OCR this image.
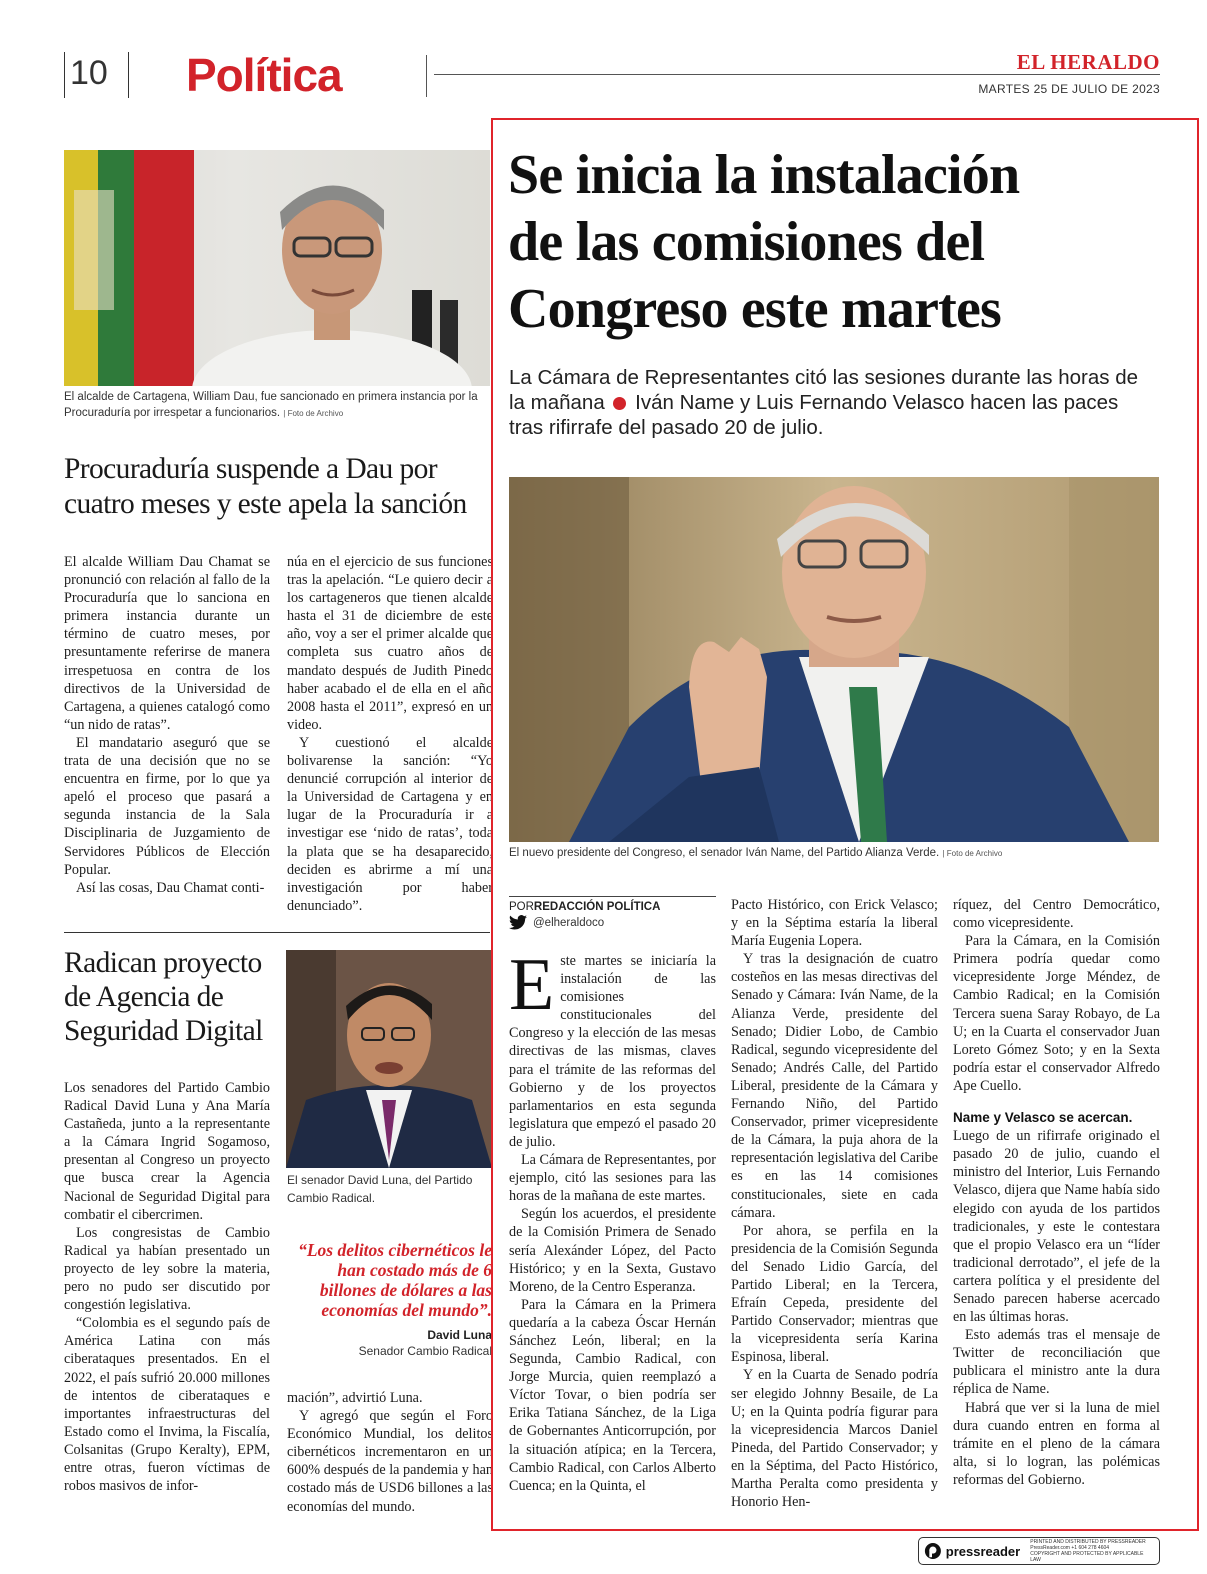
10 Política	EL HERALDO
MARTES 25 DE JULIO DE 2023
El alcalde de Cartagena, William Dau, fue sancionado en primera instancia por la Procuraduría por irrespetar a funcionarios. | Foto de Archivo
Procuraduría suspende a Dau por
cuatro meses y este apela la sanción

El alcalde William Dau Chamat se pronunció con relación al fallo de la Procuraduría que lo sanciona en primera instancia durante un término de cuatro meses, por presuntamente referirse de manera irrespetuosa en contra de los directivos de la Universidad de Cartagena, a quienes catalogó como “un nido de ratas”.

El mandatario aseguró que se trata de una decisión que no se encuentra en firme, por lo que ya apeló el proceso que pasará a segunda instancia de la Sala Disciplinaria de Juzgamiento de Servidores Públicos de Elección Popular.

Así las cosas, Dau Chamat conti-

núa en el ejercicio de sus funciones tras la apelación. “Le quiero decir a los cartageneros que tienen alcalde hasta el 31 de diciembre de este año, voy a ser el primer alcalde que completa sus cuatro años de mandato después de Judith Pinedo haber acabado el de ella en el año 2008 hasta el 2011”, expresó en un video.

Y cuestionó el alcalde bolivarense la sanción: “Yo denuncié corrupción al interior de la Universidad de Cartagena y en lugar de la Procuraduría ir a investigar ese ‘nido de ratas’, toda la plata que se ha desaparecido, deciden es abrirme a mí una investigación por haber denunciado”.

Radican proyecto
de Agencia de
Seguridad Digital
El senador David Luna, del Partido Cambio Radical.

Los senadores del Partido Cambio Radical David Luna y Ana María Castañeda, junto a la representante a la Cámara Ingrid Sogamoso, presentan al Congreso un proyecto que busca crear la Agencia Nacional de Seguridad Digital para combatir el cibercrimen.

Los congresistas de Cambio Radical ya habían presentado un proyecto de ley sobre la materia, pero no pudo ser discutido por congestión legislativa.

“Colombia es el segundo país de América Latina con más ciberataques presentados. En el 2022, el país sufrió 20.000 millones de intentos de ciberataques e importantes infraestructuras del Estado como el Invima, la Fiscalía, Colsanitas (Grupo Keralty), EPM, entre otras, fueron víctimas de robos masivos de infor-

“Los delitos cibernéticos le han costado más de 6 billones de dólares a las economías del mundo”.
David Luna
Senador Cambio Radical

mación”, advirtió Luna.

Y agregó que según el Foro Económico Mundial, los delitos cibernéticos incrementaron en un 600% después de la pandemia y han costado más de USD6 billones a las economías del mundo.

Se inicia la instalación
de las comisiones del
Congreso este martes
La Cámara de Representantes citó las sesiones durante las horas de la mañana Iván Name y Luis Fernando Velasco hacen las paces tras rifirrafe del pasado 20 de julio.
El nuevo presidente del Congreso, el senador Iván Name, del Partido Alianza Verde. | Foto de Archivo
PORREDACCIÓN POLÍTICA
@elheraldoco
E ste martes se iniciaría la instalación de las comisiones constitucionales del Congreso y la elección de las mesas directivas de las mismas, claves para el trámite de las reformas del Gobierno y de los proyectos parlamentarios en esta segunda legislatura que empezó el pasado 20 de julio.

La Cámara de Representantes, por ejemplo, citó las sesiones para las horas de la mañana de este martes.

Según los acuerdos, el presidente de la Comisión Primera de Senado sería Alexánder López, del Pacto Histórico; y en la Sexta, Gustavo Moreno, de la Centro Esperanza.

Para la Cámara en la Primera quedaría a la cabeza Óscar Hernán Sánchez León, liberal; en la Segunda, Cambio Radical, con Jorge Murcia, quien reemplazó a Víctor Tovar, o bien podría ser Erika Tatiana Sánchez, de la Liga de Gobernantes Anticorrupción, por la situación atípica; en la Tercera, Cambio Radical, con Carlos Alberto Cuenca; en la Quinta, el

Pacto Histórico, con Erick Velasco; y en la Séptima estaría la liberal María Eugenia Lopera.

Y tras la designación de cuatro costeños en las mesas directivas del Senado y Cámara: Iván Name, de la Alianza Verde, presidente del Senado; Didier Lobo, de Cambio Radical, segundo vicepresidente del Senado; Andrés Calle, del Partido Liberal, presidente de la Cámara y Fernando Niño, del Partido Conservador, primer vicepresidente de la Cámara, la puja ahora de la representación legislativa del Caribe es en las 14 comisiones constitucionales, siete en cada cámara.

Por ahora, se perfila en la presidencia de la Comisión Segunda del Senado Lidio García, del Partido Liberal; en la Tercera, Efraín Cepeda, presidente del Partido Conservador; mientras que la vicepresidenta sería Karina Espinosa, liberal.

Y en la Cuarta de Senado podría ser elegido Johnny Besaile, de La U; en la Quinta podría figurar para la vicepresidencia Marcos Daniel Pineda, del Partido Conservador; y en la Séptima, del Pacto Histórico, Martha Peralta como presidenta y Honorio Hen-

ríquez, del Centro Democrático, como vicepresidente.

Para la Cámara, en la Comisión Primera podría quedar como vicepresidente Jorge Méndez, de Cambio Radical; en la Comisión Tercera suena Saray Robayo, de La U; en la Cuarta el conservador Juan Loreto Gómez Soto; y en la Sexta podría estar el conservador Alfredo Ape Cuello.

Name y Velasco se acercan.

Luego de un rifirrafe originado el pasado 20 de julio, cuando el ministro del Interior, Luis Fernando Velasco, dijera que Name había sido elegido con ayuda de los partidos tradicionales, y este le contestara que el propio Velasco era un “líder tradicional derrotado”, el jefe de la cartera política y el presidente del Senado parecen haberse acercado en las últimas horas.

Esto además tras el mensaje de Twitter de reconciliación que publicara el ministro ante la dura réplica de Name.

Habrá que ver si la luna de miel dura cuando entren en forma al trámite en el pleno de la cámara alta, si lo logran, las polémicas reformas del Gobierno.

pressreader
PRINTED AND DISTRIBUTED BY PRESSREADER
PressReader.com +1 604 278 4604
COPYRIGHT AND PROTECTED BY APPLICABLE LAW
